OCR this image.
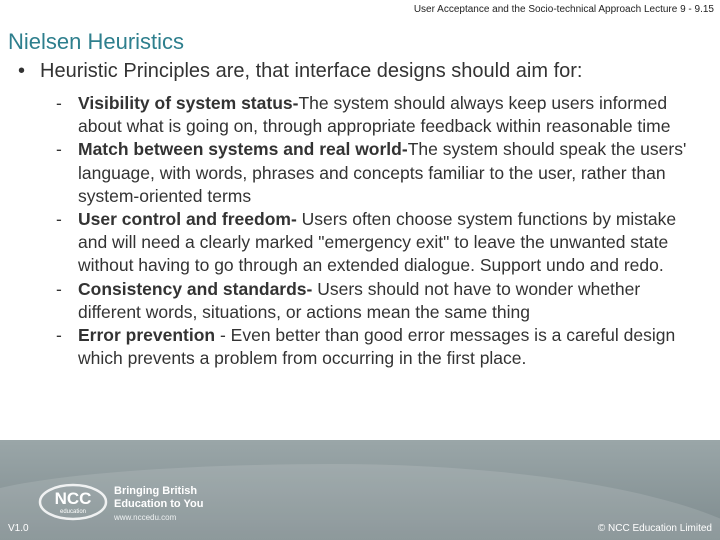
User Acceptance and the Socio-technical Approach Lecture 9 - 9.15
Nielsen Heuristics
• Heuristic Principles are, that interface designs should aim for:
- Visibility of system status-The system should always keep users informed about what is going on, through appropriate feedback within reasonable time
- Match between systems and real world-The system should speak the users' language, with words, phrases and concepts familiar to the user, rather than system-oriented terms
- User control and freedom- Users often choose system functions by mistake and will need a clearly marked "emergency exit" to leave the unwanted state without having to go through an extended dialogue. Support undo and redo.
- Consistency and standards- Users should not have to wonder whether different words, situations, or actions mean the same thing
- Error prevention - Even better than good error messages is a careful design which prevents a problem from occurring in the first place.
NCC
education
Bringing British
Education to You
www.nccedu.com
V1.0	© NCC Education Limited
